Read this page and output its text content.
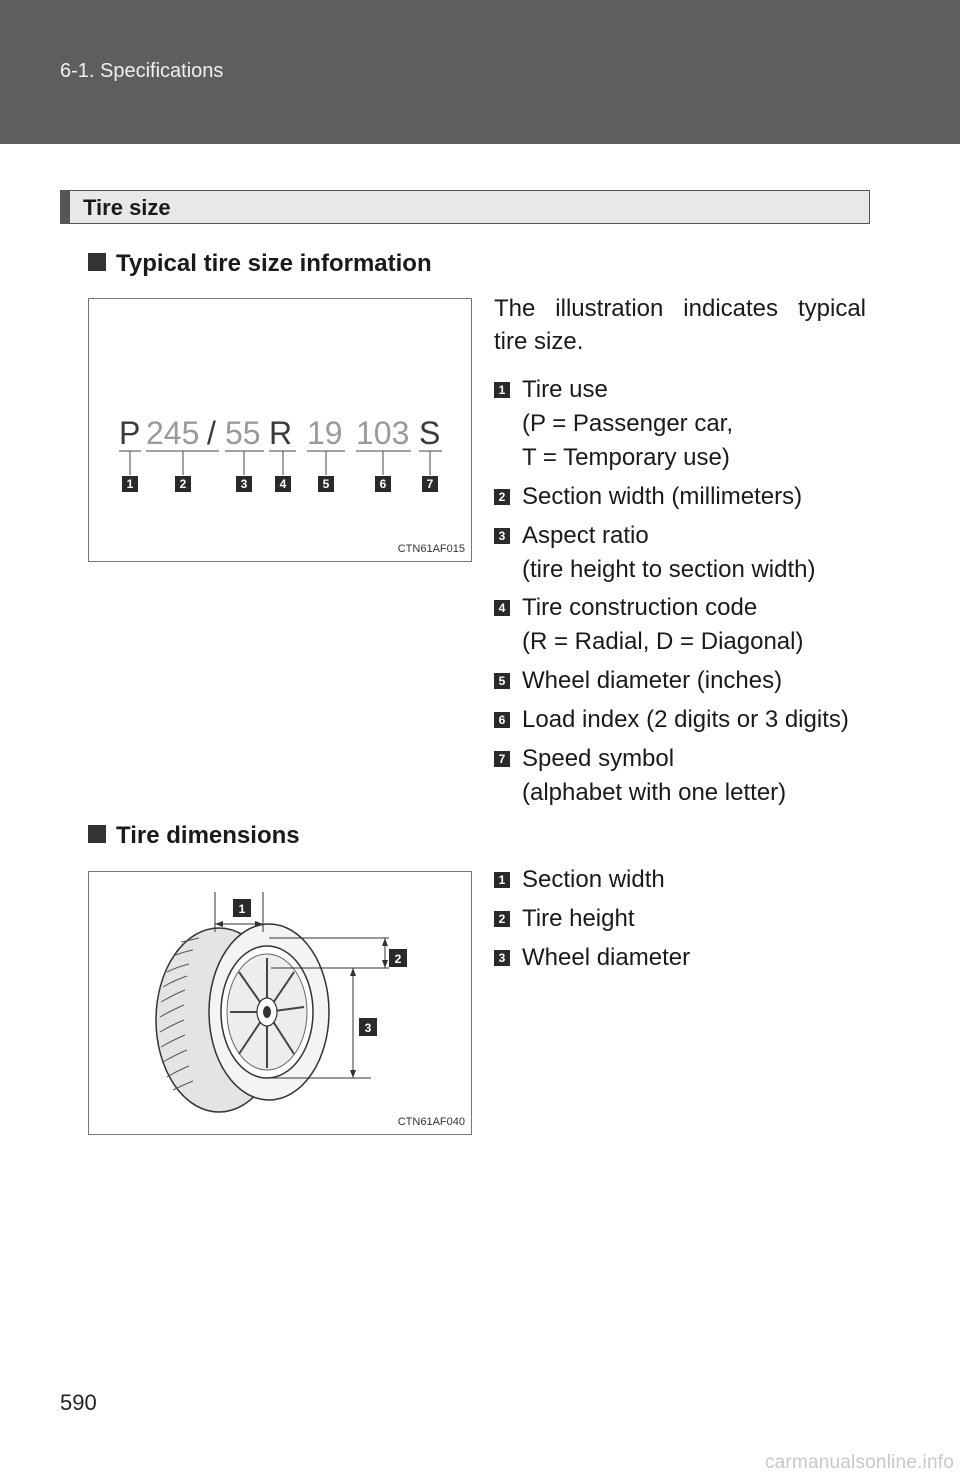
6-1. Specifications
Tire size
Typical tire size information
P 245 / 55 R 19 103 S
1	2	3	4	5	6	7
CTN61AF015
The illustration indicates typical
tire size.
1 Tire use
(P = Passenger car,
T = Temporary use)
2 Section width (millimeters)
3 Aspect ratio
(tire height to section width)
4 Tire construction code
(R = Radial, D = Diagonal)
5 Wheel diameter (inches)
6 Load index (2 digits or 3 digits)
7 Speed symbol
(alphabet with one letter)
Tire dimensions
1
2
3
CTN61AF040
1 Section width
2 Tire height
3 Wheel diameter
590
carmanualsonline.info
